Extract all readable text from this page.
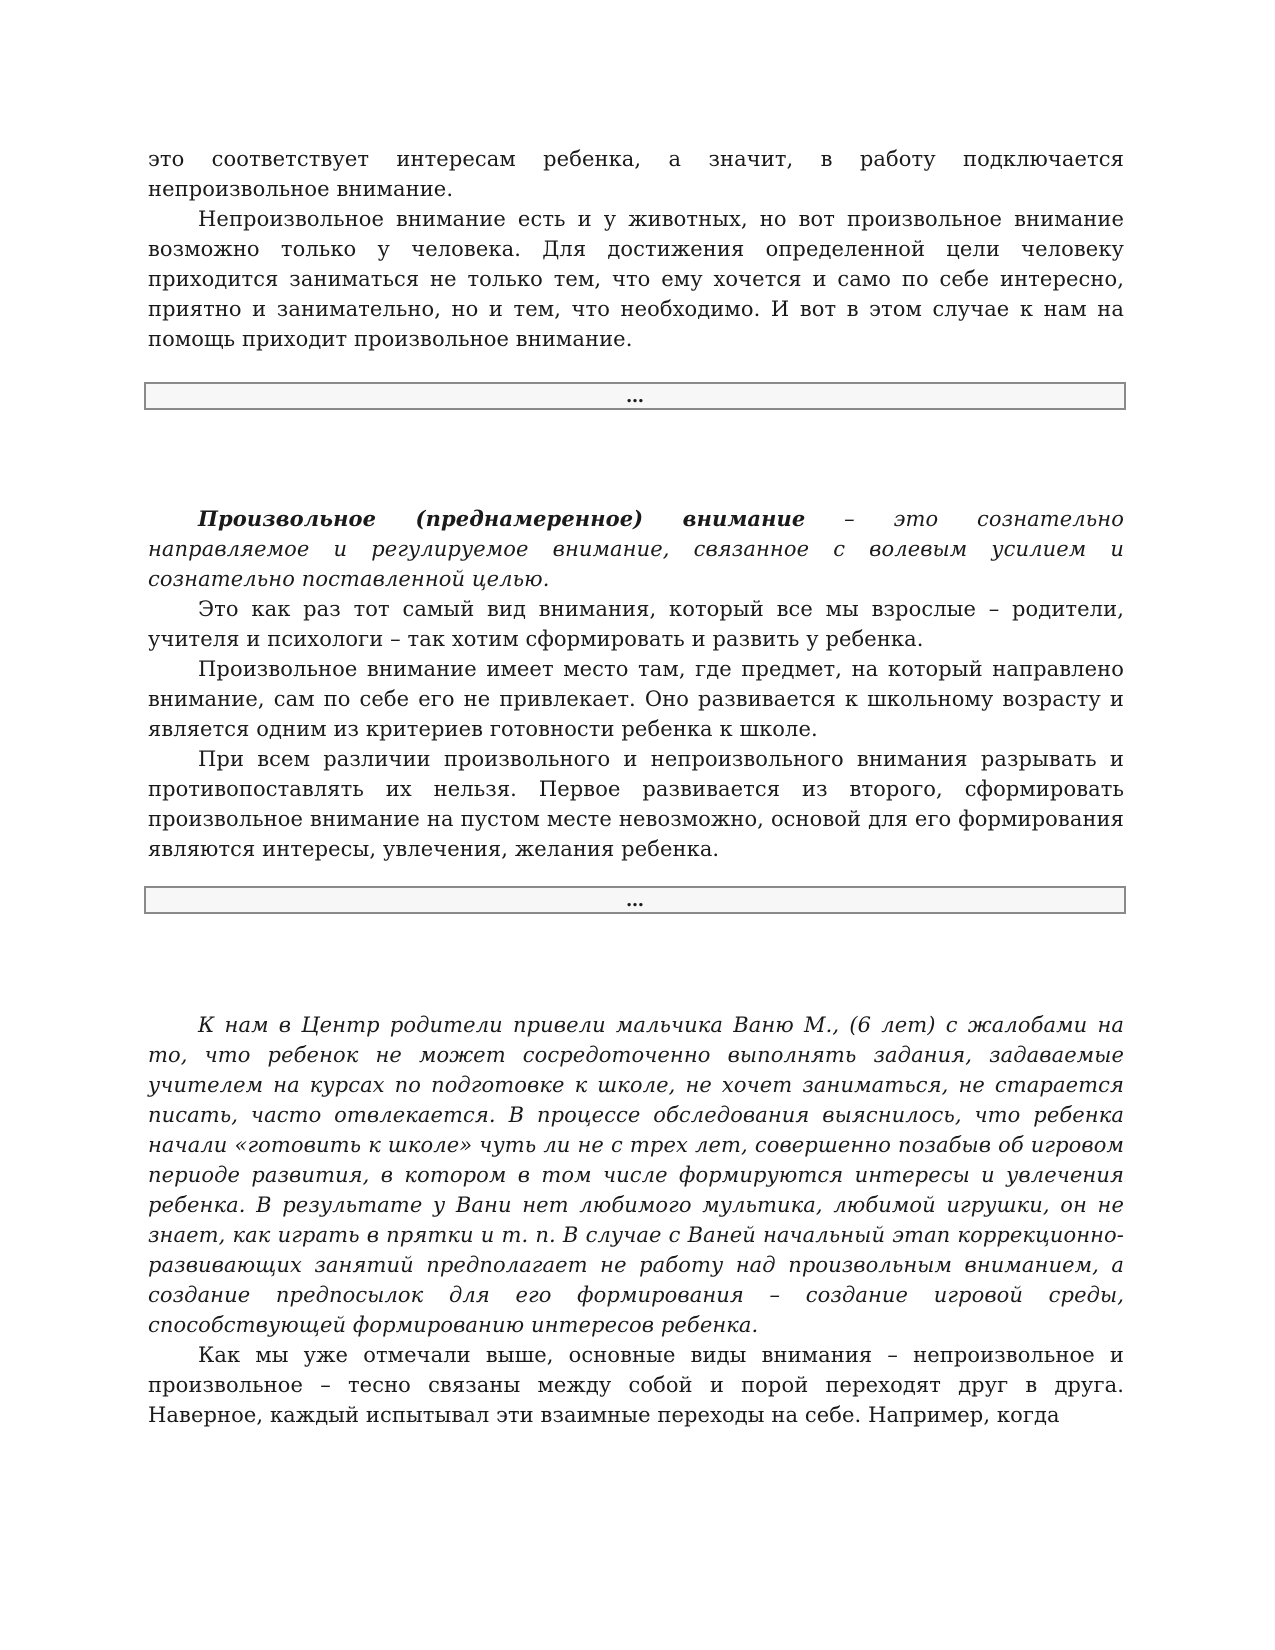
это соответствует интересам ребенка, а значит, в работу подключается непроизвольное внимание.

Непроизвольное внимание есть и у животных, но вот произвольное внимание возможно только у человека. Для достижения определенной цели человеку приходится заниматься не только тем, что ему хочется и само по себе интересно, приятно и занимательно, но и тем, что необходимо. И вот в этом случае к нам на помощь приходит произвольное внимание.

…

Произвольное (преднамеренное) внимание – это сознательно направляемое и регулируемое внимание, связанное с волевым усилием и сознательно поставленной целью.

Это как раз тот самый вид внимания, который все мы взрослые – родители, учителя и психологи – так хотим сформировать и развить у ребенка.

Произвольное внимание имеет место там, где предмет, на который направлено внимание, сам по себе его не привлекает. Оно развивается к школьному возрасту и является одним из критериев готовности ребенка к школе.

При всем различии произвольного и непроизвольного внимания разрывать и противопоставлять их нельзя. Первое развивается из второго, сформировать произвольное внимание на пустом месте невозможно, основой для его формирования являются интересы, увлечения, желания ребенка.

…

К нам в Центр родители привели мальчика Ваню М., (6 лет) с жалобами на то, что ребенок не может сосредоточенно выполнять задания, задаваемые учителем на курсах по подготовке к школе, не хочет заниматься, не старается писать, часто отвлекается. В процессе обследования выяснилось, что ребенка начали «готовить к школе» чуть ли не с трех лет, совершенно позабыв об игровом периоде развития, в котором в том числе формируются интересы и увлечения ребенка. В результате у Вани нет любимого мультика, любимой игрушки, он не знает, как играть в прятки и т. п. В случае с Ваней начальный этап коррекционно-развивающих занятий предполагает не работу над произвольным вниманием, а создание предпосылок для его формирования – создание игровой среды, способствующей формированию интересов ребенка.

Как мы уже отмечали выше, основные виды внимания – непроизвольное и произвольное – тесно связаны между собой и порой переходят друг в друга. Наверное, каждый испытывал эти взаимные переходы на себе. Например, когда
